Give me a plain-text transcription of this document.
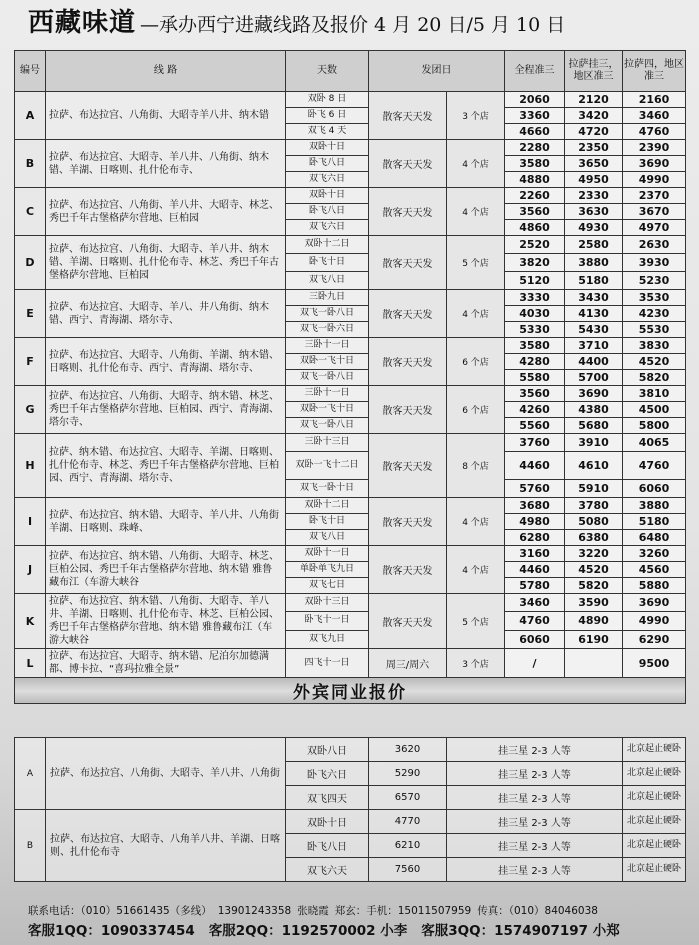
西藏味道 —承办西宁进藏线路及报价 4 月 20 日/5 月 10 日
编号	线 路	天数	发团日		全程准三	拉萨挂三，地区准三	拉萨四，地区准三
A	拉萨、布达拉宫、八角街、大昭寺羊八井、纳木错	双卧 8 日	散客天天发	3 个店	2060	2120	2160
		卧飞 6 日			3360	3420	3460
		双飞 4 天			4660	4720	4760
B	拉萨、布达拉宫、大昭寺、羊八井、八角街、纳木错、羊湖、日喀则、扎什伦布寺、	双卧十日	散客天天发	4 个店	2280	2350	2390
		卧飞八日			3580	3650	3690
		双飞六日			4880	4950	4990
C	拉萨、布达拉宫、八角街、羊八井、大昭寺、林芝、秀巴千年古堡格萨尔营地、巨柏园	双卧十日	散客天天发	4 个店	2260	2330	2370
		卧飞八日			3560	3630	3670
		双飞六日			4860	4930	4970
D	拉萨、布达拉宫、八角街、大昭寺、羊八井、纳木错、羊湖、日喀则、扎什伦布寺、林芝、秀巴千年古堡格萨尔营地、巨柏园	双卧十二日	散客天天发	5 个店	2520	2580	2630
		卧飞十日			3820	3880	3930
		双飞八日			5120	5180	5230
E	拉萨、布达拉宫、大昭寺、羊八、井八角街、纳木错、西宁、青海湖、塔尔寺、	三卧九日	散客天天发	4 个店	3330	3430	3530
		双飞一卧八日			4030	4130	4230
		双飞一卧六日			5330	5430	5530
F	拉萨、布达拉宫、大昭寺、八角街、羊湖、纳木错、日喀则、扎什伦布寺、西宁、青海湖、塔尔寺、	三卧十一日	散客天天发	6 个店	3580	3710	3830
		双卧一飞十日			4280	4400	4520
		双飞一卧八日			5580	5700	5820
G	拉萨、布达拉宫、八角街、大昭寺、纳木错、林芝、秀巴千年古堡格萨尔营地、巨柏园、西宁、青海湖、塔尔寺、	三卧十一日	散客天天发	6 个店	3560	3690	3810
		双卧一飞十日			4260	4380	4500
		双飞一卧八日			5560	5680	5800
H	拉萨、纳木错、布达拉宫、大昭寺、羊湖、日喀则、扎什伦布寺、林芝、秀巴千年古堡格萨尔营地、巨柏园、西宁、青海湖、塔尔寺、	三卧十三日	散客天天发	8 个店	3760	3910	4065
		双卧一飞十二日			4460	4610	4760
		双飞一卧十日			5760	5910	6060
I	拉萨、布达拉宫、纳木错、大昭寺、羊八井、八角街羊湖、日喀则、珠峰、	双卧十二日	散客天天发	4 个店	3680	3780	3880
		卧飞十日			4980	5080	5180
		双飞八日			6280	6380	6480
J	拉萨、布达拉宫、纳木错、八角街、大昭寺、林芝、巨柏公园、秀巴千年古堡格萨尔营地、纳木错 雅鲁藏布江（车游大峡谷	双卧十一日	散客天天发	4 个店	3160	3220	3260
		单卧单飞九日			4460	4520	4560
		双飞七日			5780	5820	5880
K	拉萨、布达拉宫、纳木错、八角街、大昭寺、羊八井、羊湖、日喀则、扎什伦布寺、林芝、巨柏公园、秀巴千年古堡格萨尔营地、纳木错 雅鲁藏布江（车游大峡谷	双卧十三日	散客天天发	5 个店	3460	3590	3690
		卧飞十一日			4760	4890	4990
		双飞九日			6060	6190	6290
L	拉萨、布达拉宫、大昭寺、纳木错、尼泊尔加德满都、博卡拉、“喜玛拉雅全景”	四飞十一日	周三/周六	3 个店	/		9500
外宾同业报价							
A	拉萨、布达拉宫、八角街、大昭寺、羊八井、八角街	双卧八日	3620	挂三星 2-3 人等	北京起止硬卧
		卧飞六日	5290	挂三星 2-3 人等	北京起止硬卧
		双飞四天	6570	挂三星 2-3 人等	北京起止硬卧
B	拉萨、布达拉宫、大昭寺、八角羊八井、羊湖、日喀则、扎什伦布寺	双卧十日	4770	挂三星 2-3 人等	北京起止硬卧
		卧飞八日	6210	挂三星 2-3 人等	北京起止硬卧
		双飞六天	7560	挂三星 2-3 人等	北京起止硬卧
联系电话：（010）51661435（多线） 13901243358 张晓霞 郑玄：手机：15011507959 传真：（010）84046038
客服1QQ：1090337454 客服2QQ：1192570002 小李 客服3QQ：1574907197 小郑
